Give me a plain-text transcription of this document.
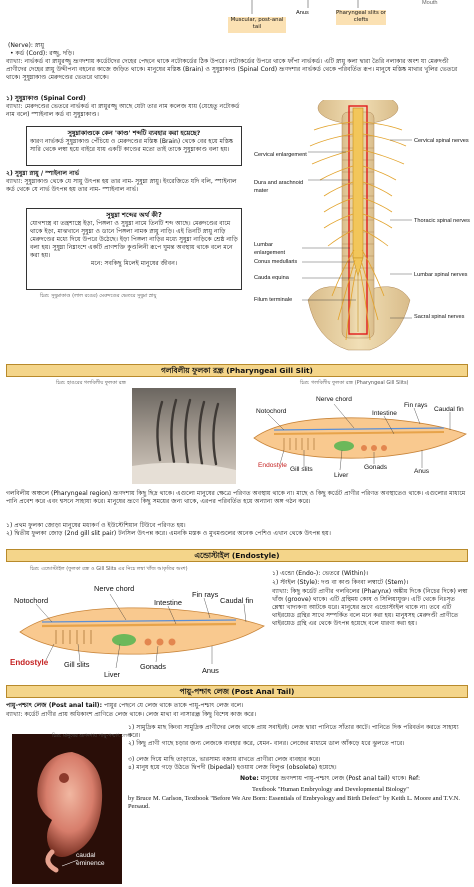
Muscular, post-anal tail
Anus	Pharyngeal slits or clefts
Mouth
(Nerve): স্নায়ু
• কর্ড (Cord): রজ্জু, দড়ি।
ব্যাখ্যা: নার্ভকর্ড বা স্নায়ুরজ্জু ভ্রূণদশায় কর্ডেটদের দেহের পেছনে থাকে নটোকর্ডের ঠিক উপরে। নটোকর্ডের উপরে থাকে ফাঁপা নার্ভকর্ড। এটি স্নায়ু কলা দ্বারা তৈরি নলাকার অংশ যা মেরুদণ্ডী প্রাণীদের দেহের স্নায়ু উদ্দীপনা বহনের কাজে জড়িত থাকে। মানুষের মস্তিষ্ক (Brain) ও সুষুম্নাকাণ্ড (Spinal Cord) ভ্রূণদশার নার্ভকর্ড থেকে পরিবর্তিত রূপ। মানুষে মস্তিষ্ক মাথার খুলির ভেতরে থাকে। সুষুম্নাকাণ্ড মেরুদণ্ডের ভেতরে থাকে।
১) সুষুম্নাকাণ্ড (Spinal Cord)
ব্যাখ্যা: মেরুদণ্ডের ভেতরে নার্ভকর্ড বা স্নায়ুরজ্জু আছে যেটা তার নাম কলেজ যায় (যেহেতু নটোকর্ড নাম বলে) স্পাইনাল কর্ড বা সুষুম্নাকাণ্ড।
সুষুম্নাকাণ্ডকে কেন 'কাণ্ড' শব্দটি ব্যবহার করা হয়েছে?
কারণ নার্ভকর্ড সুষুম্নাকাণ্ড পেঁচিয়ে ও মেরুদণ্ডের মস্তিষ্ক (Brain) থেকে বের হয়ে মস্তিষ্ক সারি থেকে লম্বা হয়ে বাইরে যায় একটি কাণ্ডের মতো তাই তাকে সুষুম্নাকাণ্ড বলা হয়।
২) সুষুম্না স্নায়ু / স্পাইনাল নার্ভ
ব্যাখ্যা: সুষুম্নাকাণ্ড থেকে যে সায়ু উৎপন্ন হয় তার নাম- সুষুম্না স্নায়ু। ইংরেজিতে যদি বলি, স্পাইনাল কর্ড থেকে যে নার্ভ উৎপন্ন হয় তার নাম- স্পাইনাল নার্ভ।
সুষুম্না শব্দের অর্থ কী?
যোগশাস্ত্র বা তন্ত্রশাস্ত্রে ইড়া, পিঙ্গলা ও সুষুম্না নামে তিনটি শব্দ আছে। মেরুদণ্ডের বামে থাকে ইড়া, মাঝখানে সুষুম্না ও ডানে পিঙ্গলা নামক স্নায়ু নাড়ি। এই তিনটি স্নায়ু নাড়ি মেরুদণ্ডের মধ্যে দিয়ে উপরে উঠেছে। ইড়া পিঙ্গলা নাড়ির মধ্যে সুষুম্না নাড়িকে শ্রেষ্ঠ নাড়ি বলা হয়। সুষুম্না নিম্নাংশে একটি প্রাণশক্তি কুণ্ডলিনী রূপে ঘুমন্ত অবস্থায় থাকে বলে মনে করা হয়।
মনে: সবকিছু মিলেই মানুষের জীবন।
চিত্র: সুষুম্নাকাণ্ড (লাল রঙের) মেরুদণ্ডের ভেতরে সুষুম্না স্নায়ু
Cervical spinal nerves
Cervical enlargement
Dura and arachnoid mater
Thoracic spinal nerves
Lumbar enlargement
Conus medullaris
Cauda equina	Lumbar spinal nerves
Filum terminale
Sacral spinal nerves
গলবিলীয় ফুলকা রন্ধ্র (Pharyngeal Gill Slit)
চিত্র: হাঙরের গলবিলীয় ফুলকা রন্ধ্র	চিত্র: গলবিলীয় ফুলকা রন্ধ্র (Pharyngeal Gill Slits)
Notochord
Nerve chord
Intestine
Fin rays
Caudal fin
Endostyle
Gill slits
Liver
Gonads
Anus
গলবিলীয় অঞ্চলে (Pharyngeal region) ভ্রূণদশায় কিছু ছিদ্র থাকে। এগুলো মানুষের ক্ষেত্রে পরিণত অবস্থায় থাকে না। মাছে ও কিছু কর্ডেট প্রাণীর পরিণত অবস্থাতেও থাকে। এগুলোর মাধ্যমে পানি প্রবেশ করে এবং শ্বসনে সাহায্য করে। মানুষের ভ্রূণে কিছু সময়ের জন্য থাকে, এরপর পরিবর্তিত হয়ে অন্যান্য অঙ্গ গঠন করে।
১) প্রথম ফুলকা জোড়া মানুষের মধ্যকর্ণ ও ইউস্টেশিয়ান টিউবে পরিণত হয়।
২) দ্বিতীয় ফুলকা জোড় (2nd gill slit pair) টনসিল উৎপন্ন করে। এমনকি মস্তক ও মুখমণ্ডলের অনেক পেশিও এখান থেকে উৎপন্ন হয়।
এন্ডোস্টাইল (Endostyle)
চিত্র: এন্ডোস্টাইল (ফুলকা রন্ধ্র ও Gill Slits এর নিচে লম্বা খাঁজ আকৃতির অংশ)
Notochord
Nerve chord
Intestine
Fin rays
Caudal fin
Endostyle Gill slits
Liver
Gonads	Anus
১) এন্ডো (Endo-): ভেতরে (Within)।
২) স্টাইল (Style): দণ্ড বা কাণ্ড কিংবা লম্বাটে (Stem)।
ব্যাখ্যা: কিছু কর্ডেট প্রাণীর গলবিলের (Pharynx) অঙ্কীয় দিকে (নিচের দিকে) লম্বা খাঁজ (groove) থাকে। এটি গ্রন্থিময় কোষ ও সিলিয়াযুক্ত। এটি থেকে নিঃসৃত শ্লেষ্মা খাদ্যকণা আটকে ধরে। মানুষের ভ্রূণে এন্ডোস্টাইল থাকে না। তবে এটি থাইরয়েড গ্রন্থির সাথে সম্পর্কিত বলে মনে করা হয়। মানুষসহ মেরুদণ্ডী প্রাণীতে থাইরয়েড গ্রন্থি এর থেকে উৎপন্ন হয়েছে বলে ধারণা করা হয়।
পায়ু-পশ্চাৎ লেজ (Post Anal Tail)
পায়ু-পশ্চাৎ লেজ (Post anal tail): পায়ুর পেছনে যে লেজ থাকে তাকে পায়ু-পশ্চাৎ লেজ বলে।
ব্যাখ্যা: কর্ডেট প্রাণীর প্রায় অধিকাংশ প্রাণিতে লেজ থাকে। লেজ মাথা বা নাসারন্ধ্র কিছু বিশেষ কাজ করে।
caudal eminence
চিত্র: মানুষের ভ্রূণদশায় পায়ু-পশ্চাৎ লেজ
১) সামুদ্রিক মাছ কিংবা সামুদ্রিক প্রাণীদের লেজ থাকে প্রায় সবাইরই। লেজ দ্বারা পানিতে সাঁতার কাটে। পানিতে দিক পরিবর্তন করতে সাহায্য করে।
২) কিছু প্রাণী গাছে চড়ার জন্য লেজকে ব্যবহার করে, যেমন- বানর। লেজের মাধ্যমে ডাল আঁকড়ে ধরে ঝুলতে পারে।
৩) লেজ দিয়ে মাছি তাড়াতে, ভারসাম্য বজায় রাখতে প্রাণীরা লেজ ব্যবহার করে।
৪) মানুষ হয়ে গড়ে উঠতে দ্বিপদী (bipedal) হওয়ায় লেজ বিলুপ্ত (obsolete) হয়েছে।
Note: মানুষের ভ্রূণদশায় পায়ু-পশ্চাৎ লেজ (Post anal tail) থাকে। Ref:
Textbook "Human Embryology and Developmental Biology"
by Bruce M. Carlson, Textbook "Before We Are Born: Essentials of Embryology and Birth Defect" by Keith L. Moore and T.V.N. Persaud.
